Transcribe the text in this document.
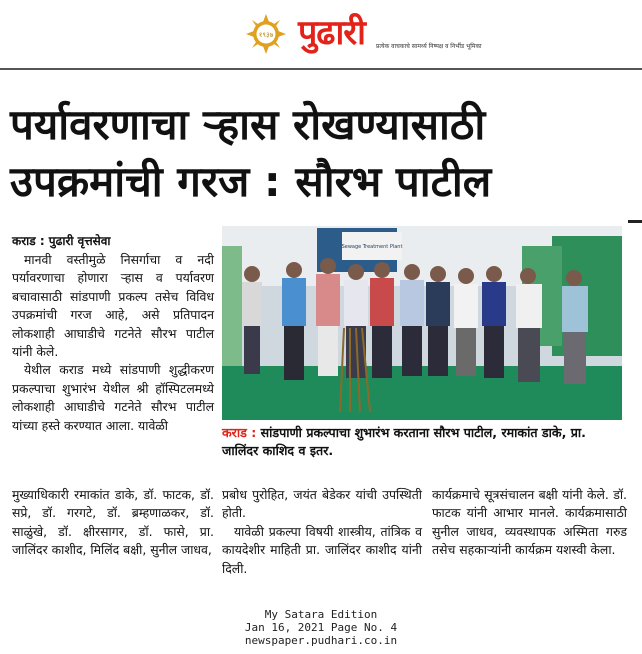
१९३७ पुढारी प्रत्येक वाचकाचे सामर्थ्य निष्पक्ष व निर्भीड भूमिका
पर्यावरणाचा ऱ्हास रोखण्यासाठी
उपक्रमांची गरज : सौरभ पाटील
कराड : पुढारी वृत्तसेवा

मानवी वस्तीमुळे निसर्गाचा व नदी पर्यावरणाचा होणारा ऱ्हास व पर्यावरण बचावासाठी सांडपाणी प्रकल्प तसेच विविध उपक्रमांची गरज आहे, असे प्रतिपादन लोकशाही आघाडीचे गटनेते सौरभ पाटील यांनी केले.

येथील कराड मध्ये सांडपाणी शुद्धीकरण प्रकल्पाचा शुभारंभ येथील श्री हॉस्पिटलमध्ये लोकशाही आघाडीचे गटनेते सौरभ पाटील यांच्या हस्ते करण्यात आला. यावेळी

मुख्याधिकारी रमाकांत डाके, डॉ. फाटक, डॉ. सप्रे, डॉ. गरगटे, डॉ. ब्रम्हणाळकर, डॉ. साळुंखे, डॉ. क्षीरसागर, डॉ. फासे, प्रा. जालिंदर काशीद, मिलिंद बक्षी, सुनील जाधव,

Sewage Treatment Plant
कराड : सांडपाणी प्रकल्पाचा शुभारंभ करताना सौरभ पाटील, रमाकांत डाके, प्रा. जालिंदर काशिद व इतर.

प्रबोध पुरोहित, जयंत बेडेकर यांची उपस्थिती होती.

यावेळी प्रकल्पा विषयी शास्त्रीय, तांत्रिक व कायदेशीर माहिती प्रा. जालिंदर काशीद यांनी दिली.

कार्यक्रमाचे सूत्रसंचालन बक्षी यांनी केले. डॉ. फाटक यांनी आभार मानले. कार्यक्रमासाठी सुनील जाधव, व्यवस्थापक अस्मिता गरुड तसेच सहकाऱ्यांनी कार्यक्रम यशस्वी केला.

My Satara Edition
Jan 16, 2021 Page No. 4
newspaper.pudhari.co.in
